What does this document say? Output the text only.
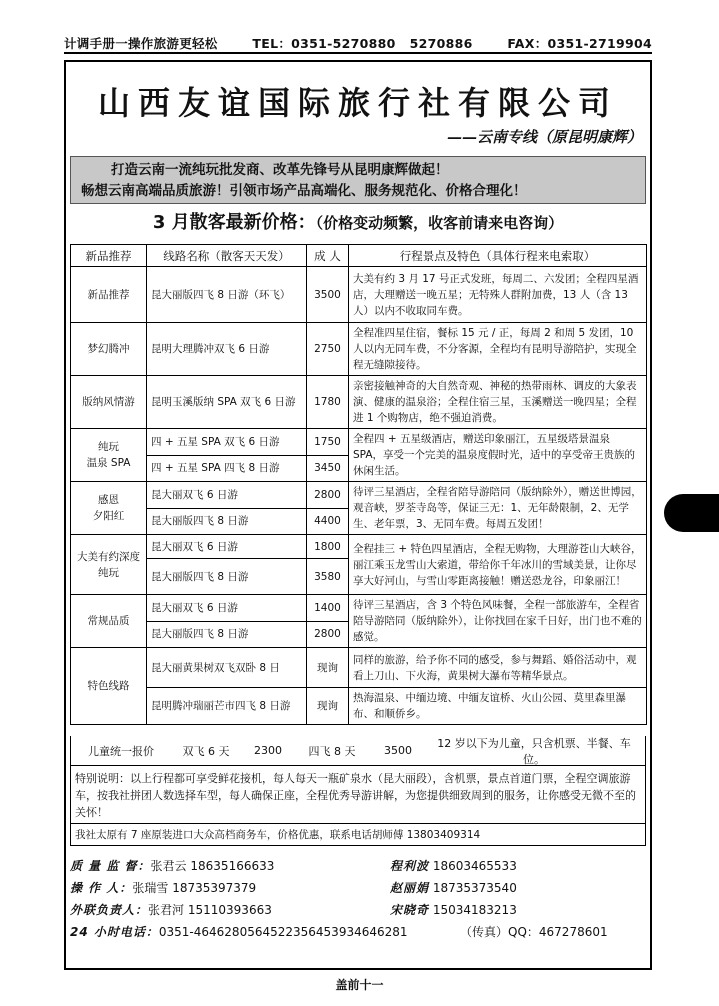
计调手册一操作旅游更轻松	TEL：0351-5270880 5270886	FAX：0351-2719904
山西友谊国际旅行社有限公司
——云南专线（原昆明康辉）
打造云南一流纯玩批发商、改革先锋号从昆明康辉做起！
畅想云南高端品质旅游！引领市场产品高端化、服务规范化、价格合理化！
3 月散客最新价格：（价格变动频繁，收客前请来电咨询）
新品推荐	线路名称（散客天天发）	成 人	行程景点及特色（具体行程来电索取）
新品推荐	昆大丽版四飞 8 日游（环飞）	3500	大美有约 3 月 17 号正式发班，每周二、六发团；全程四星酒店，大理赠送一晚五星；无特殊人群附加费，13 人（含 13 人）以内不收取同车费。
梦幻腾冲	昆明大理腾冲双飞 6 日游	2750	全程准四星住宿，餐标 15 元 / 正，每周 2 和周 5 发团，10 人以内无同车费，不分客源，全程均有昆明导游陪护，实现全程无缝隙接待。
版纳风情游	昆明玉溪版纳 SPA 双飞 6 日游	1780	亲密接触神奇的大自然奇观、神秘的热带雨林、调皮的大象表演、健康的温泉浴；全程住宿三星，玉溪赠送一晚四星；全程进 1 个购物店，绝不强迫消费。
纯玩
温泉 SPA	四 + 五星 SPA 双飞 6 日游	1750	全程四 + 五星级酒店，赠送印象丽江，五星级塔景温泉 SPA，享受一个完美的温泉度假时光，适中的享受帝王贵族的休闲生活。
	四 + 五星 SPA 四飞 8 日游	3450	
感恩
夕阳红	昆大丽双飞 6 日游	2800	待评三星酒店，全程省陪导游陪同（版纳除外），赠送世博园，观音峡，罗荃寺岛等，保证三无：1、无年龄限制，2、无学生、老年票，3、无同车费。每周五发团！
	昆大丽版四飞 8 日游	4400	
大美有约深度纯玩	昆大丽双飞 6 日游	1800	全程挂三 + 特色四星酒店，全程无购物，大理游苍山大峡谷，丽江乘玉龙雪山大索道，带给你千年冰川的雪域美景，让你尽享大好河山，与雪山零距离接触！赠送恐龙谷，印象丽江！
	昆大丽版四飞 8 日游	3580	
常规品质	昆大丽双飞 6 日游	1400	待评三星酒店，含 3 个特色风味餐，全程一部旅游车，全程省陪导游陪同（版纳除外），让你找回在家千日好，出门也不难的感觉。
	昆大丽版四飞 8 日游	2800	
特色线路	昆大丽黄果树双飞双卧 8 日	现询	同样的旅游，给予你不同的感受，参与舞蹈、婚俗活动中，观看上刀山、下火海，黄果树大瀑布等精华景点。
	昆明腾冲瑞丽芒市四飞 8 日游	现询	热海温泉、中缅边境、中缅友谊桥、火山公园、莫里森里瀑布、和顺侨乡。
儿童统一报价	双飞 6 天	2300	四飞 8 天	3500
12 岁以下为儿童，只含机票、半餐、车位。
特别说明：以上行程都可享受鲜花接机，每人每天一瓶矿泉水（昆大丽段），含机票，景点首道门票，全程空调旅游车，按我社拼团人数选择车型，每人确保正座，全程优秀导游讲解，为您提供细致周到的服务，让你感受无微不至的关怀！
我社太原有 7 座原装进口大众高档商务车，价格优惠，联系电话胡师傅 13803409314
质 量 监 督：张君云 18635166633	程利波 18603465533
操 作 人：张瑞雪 18735397379	赵丽娟 18735373540
外联负责人：张君河 15110393663	宋晓奇 15034183213
24 小时电话：0351-4646280564522356453934646281	（传真）QQ：467278601
盖前十一
